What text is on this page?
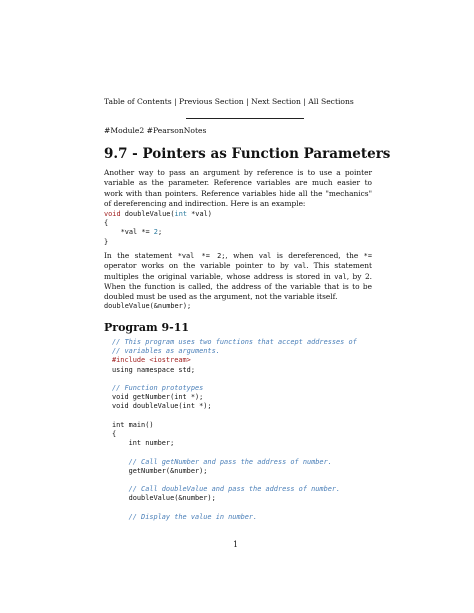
Table of Contents | Previous Section | Next Section | All Sections
#Module2 #PearsonNotes
9.7 - Pointers as Function Parameters
Another way to pass an argument by reference is to use a pointer variable as the parameter. Reference variables are much easier to work with than pointers. Reference variables hide all the "mechanics" of dereferencing and indirection. Here is an example:
void doubleValue(int *val)
{
*val *= 2;
}
In the statement *val *= 2;, when val is dereferenced, the *= operator works on the variable pointer to by val. This statement multiples the original variable, whose address is stored in val, by 2. When the function is called, the address of the variable that is to be doubled must be used as the argument, not the variable itself.
doubleValue(&number);
Program 9-11
// This program uses two functions that accept addresses of
// variables as arguments.
#include <iostream>
using namespace std;

// Function prototypes
void getNumber(int *);
void doubleValue(int *);

int main()
{
int number;

// Call getNumber and pass the address of number.
getNumber(&number);

// Call doubleValue and pass the address of number.
doubleValue(&number);

// Display the value in number.
1
